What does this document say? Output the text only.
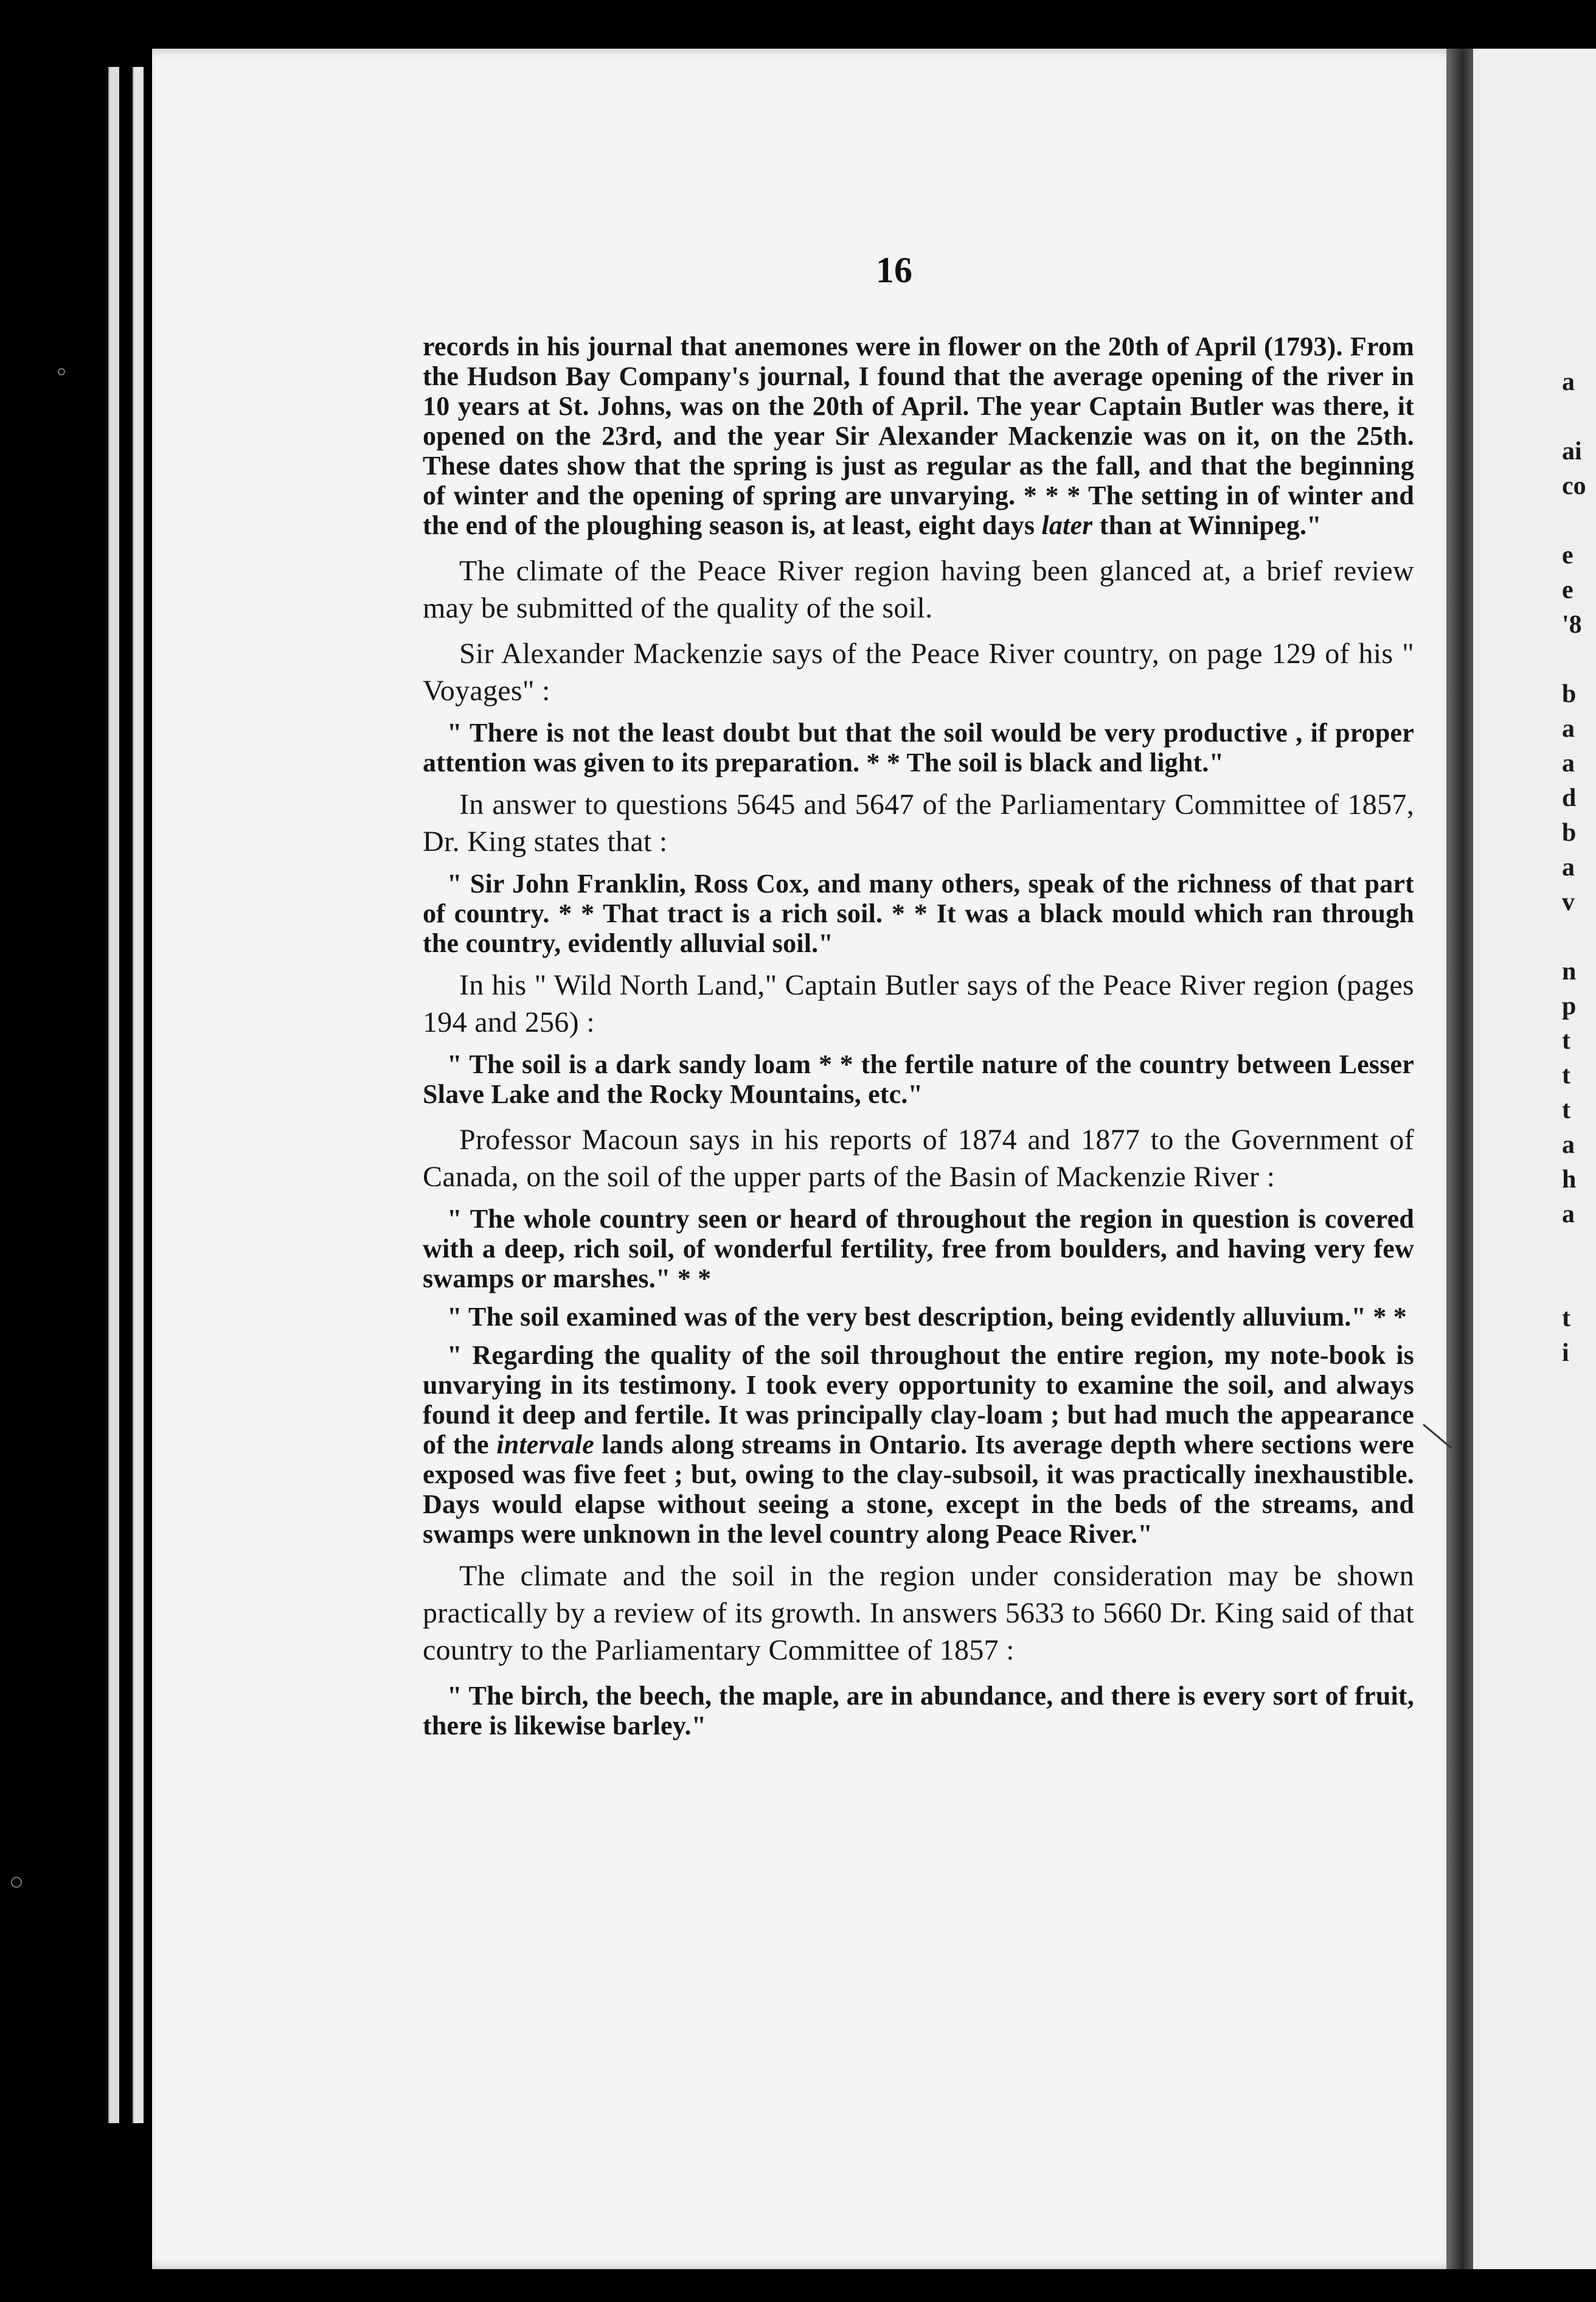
a

ai
co

e
e
'8

b
a
a
d
b
a
v

n
p
t
t
t
a
h
a

t
i
16

records in his journal that anemones were in flower on the 20th of April (1793). From the Hudson Bay Company's journal, I found that the average opening of the river in 10 years at St. Johns, was on the 20th of April. The year Captain Butler was there, it opened on the 23rd, and the year Sir Alexander Mackenzie was on it, on the 25th. These dates show that the spring is just as regular as the fall, and that the beginning of winter and the opening of spring are unvarying. * * * The setting in of winter and the end of the ploughing season is, at least, eight days later than at Winnipeg."

The climate of the Peace River region having been glanced at, a brief review may be submitted of the quality of the soil.

Sir Alexander Mackenzie says of the Peace River country, on page 129 of his " Voyages" :

" There is not the least doubt but that the soil would be very productive , if proper attention was given to its preparation. * * The soil is black and light."

In answer to questions 5645 and 5647 of the Parliamentary Committee of 1857, Dr. King states that :

" Sir John Franklin, Ross Cox, and many others, speak of the richness of that part of country. * * That tract is a rich soil. * * It was a black mould which ran through the country, evidently alluvial soil."

In his " Wild North Land," Captain Butler says of the Peace River region (pages 194 and 256) :

" The soil is a dark sandy loam * * the fertile nature of the country between Lesser Slave Lake and the Rocky Mountains, etc."

Professor Macoun says in his reports of 1874 and 1877 to the Government of Canada, on the soil of the upper parts of the Basin of Mackenzie River :

" The whole country seen or heard of throughout the region in question is covered with a deep, rich soil, of wonderful fertility, free from boulders, and having very few swamps or marshes." * *

" The soil examined was of the very best description, being evidently alluvium." * *

" Regarding the quality of the soil throughout the entire region, my note-book is unvarying in its testimony. I took every opportunity to examine the soil, and always found it deep and fertile. It was principally clay-loam ; but had much the appearance of the intervale lands along streams in Ontario. Its average depth where sections were exposed was five feet ; but, owing to the clay-subsoil, it was practically inexhaustible. Days would elapse without seeing a stone, except in the beds of the streams, and swamps were unknown in the level country along Peace River."

The climate and the soil in the region under consideration may be shown practically by a review of its growth. In answers 5633 to 5660 Dr. King said of that country to the Parliamentary Committee of 1857 :

" The birch, the beech, the maple, are in abundance, and there is every sort of fruit, there is likewise barley."
